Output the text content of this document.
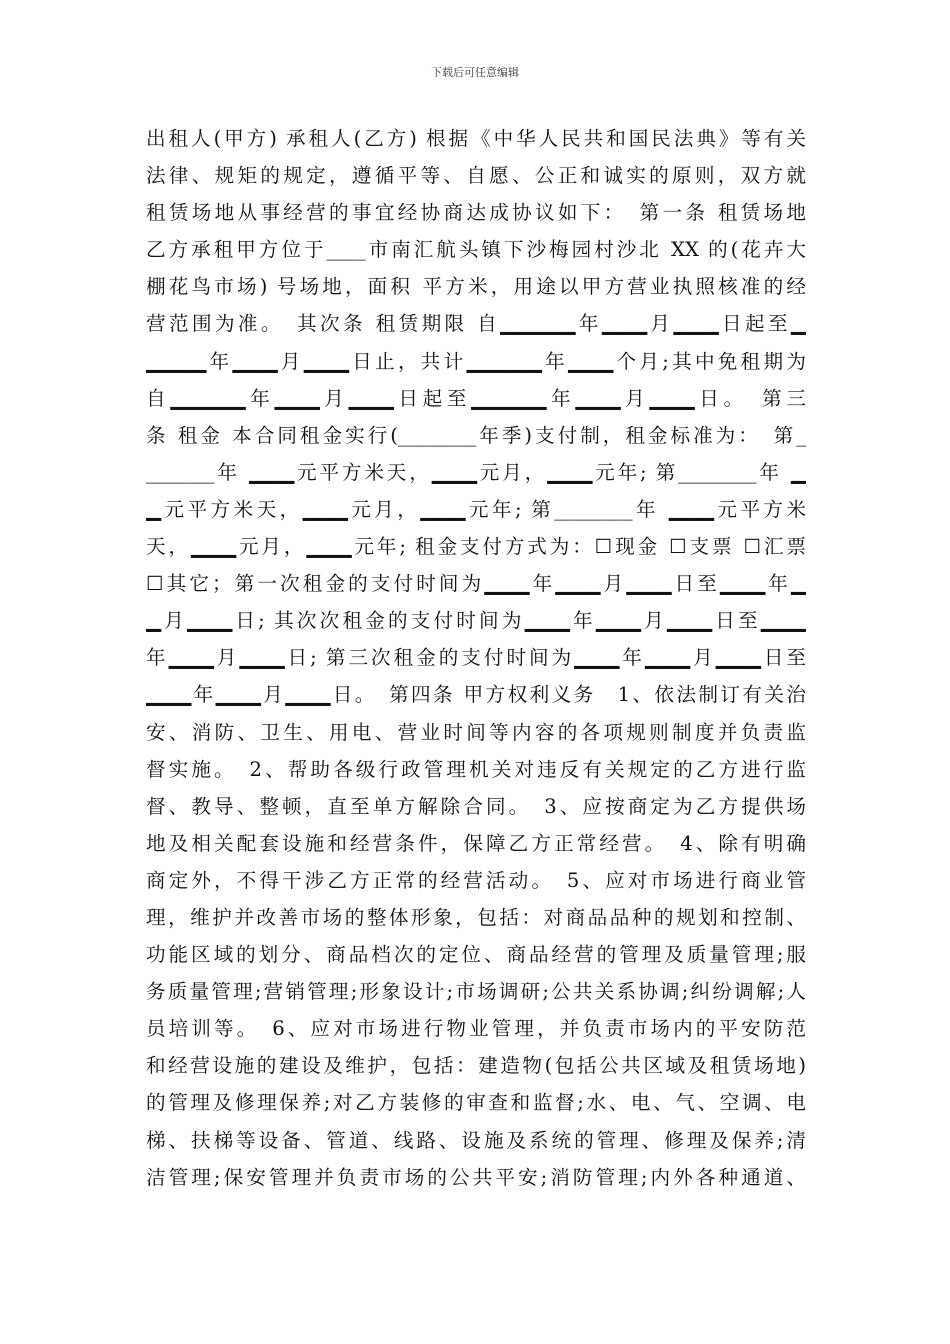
下载后可任意编辑
出租人(甲方) 承租人(乙方) 根据《中华人民共和国民法典》等有关
法律、规矩的规定，遵循平等、自愿、公正和诚实的原则，双方就
租赁场地从事经营的事宜经协商达成协议如下：　第一条 租赁场地
乙方承租甲方位于____市南汇航头镇下沙梅园村沙北 XX 的(花卉大
棚花鸟市场) 号场地，面积 平方米，用途以甲方营业执照核准的经
营范围为准。　其次条 租赁期限 自▁▁▁▁▁年▁▁▁月▁▁▁日起至▁
▁▁▁▁年▁▁▁月▁▁▁日止，共计▁▁▁▁▁年▁▁▁个月;其中免租期为
自▁▁▁▁▁年▁▁▁月▁▁▁日起至▁▁▁▁▁年▁▁▁月▁▁▁日。　第三
条 租金 本合同租金实行(________年季)支付制，租金标准为：　第_
_______年 ▁▁▁元平方米天，▁▁▁元月，▁▁▁元年; 第________年 ▁
▁元平方米天，▁▁▁元月，▁▁▁元年; 第________年 ▁▁▁元平方米
天，▁▁▁元月，▁▁▁元年; 租金支付方式为：☐现金 ☐支票 ☐汇票
☐其它；第一次租金的支付时间为▁▁▁年▁▁▁月▁▁▁日至▁▁▁年▁
▁月▁▁▁日; 其次次租金的支付时间为▁▁▁年▁▁▁月▁▁▁日至▁▁▁
年▁▁▁月▁▁▁日; 第三次租金的支付时间为▁▁▁年▁▁▁月▁▁▁日至
▁▁▁年▁▁▁月▁▁▁日。　第四条 甲方权利义务　1、依法制订有关治
安、消防、卫生、用电、营业时间等内容的各项规则制度并负责监
督实施。　2、帮助各级行政管理机关对违反有关规定的乙方进行监
督、教导、整顿，直至单方解除合同。　3、应按商定为乙方提供场
地及相关配套设施和经营条件，保障乙方正常经营。　4、除有明确
商定外，不得干涉乙方正常的经营活动。　5、应对市场进行商业管
理，维护并改善市场的整体形象，包括：对商品品种的规划和控制、
功能区域的划分、商品档次的定位、商品经营的管理及质量管理;服
务质量管理;营销管理;形象设计;市场调研;公共关系协调;纠纷调解;人
员培训等。　6、应对市场进行物业管理，并负责市场内的平安防范
和经营设施的建设及维护，包括：建造物(包括公共区域及租赁场地)
的管理及修理保养;对乙方装修的审查和监督;水、电、气、空调、电
梯、扶梯等设备、管道、线路、设施及系统的管理、修理及保养;清
洁管理;保安管理并负责市场的公共平安;消防管理;内外各种通道、
